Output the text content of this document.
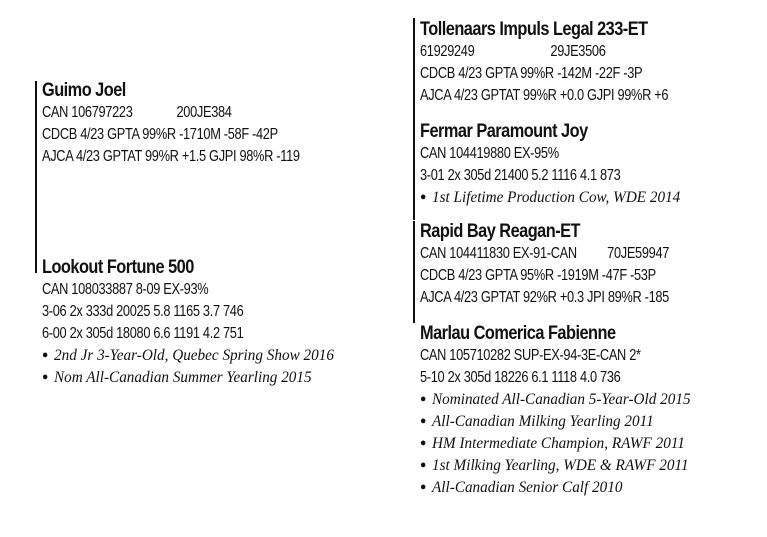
Guimo Joel
CAN 106797223	200JE384
CDCB 4/23 GPTA 99%R -1710M -58F -42P
AJCA 4/23 GPTAT 99%R +1.5 GJPI 98%R -119
Lookout Fortune 500
CAN 108033887 8-09 EX-93%
3-06 2x 333d 20025 5.8 1165 3.7 746
6-00 2x 305d 18080 6.6 1191 4.2 751
● 2nd Jr 3-Year-Old, Quebec Spring Show 2016
● Nom All-Canadian Summer Yearling 2015
Tollenaars Impuls Legal 233-ET
61929249	29JE3506
CDCB 4/23 GPTA 99%R -142M -22F -3P
AJCA 4/23 GPTAT 99%R +0.0 GJPI 99%R +6
Fermar Paramount Joy
CAN 104419880 EX-95%
3-01 2x 305d 21400 5.2 1116 4.1 873
● 1st Lifetime Production Cow, WDE 2014
Rapid Bay Reagan-ET
CAN 104411830 EX-91-CAN 70JE59947
CDCB 4/23 GPTA 95%R -1919M -47F -53P
AJCA 4/23 GPTAT 92%R +0.3 JPI 89%R -185
Marlau Comerica Fabienne
CAN 105710282 SUP-EX-94-3E-CAN 2*
5-10 2x 305d 18226 6.1 1118 4.0 736
● Nominated All-Canadian 5-Year-Old 2015
● All-Canadian Milking Yearling 2011
● HM Intermediate Champion, RAWF 2011
● 1st Milking Yearling, WDE & RAWF 2011
● All-Canadian Senior Calf 2010
